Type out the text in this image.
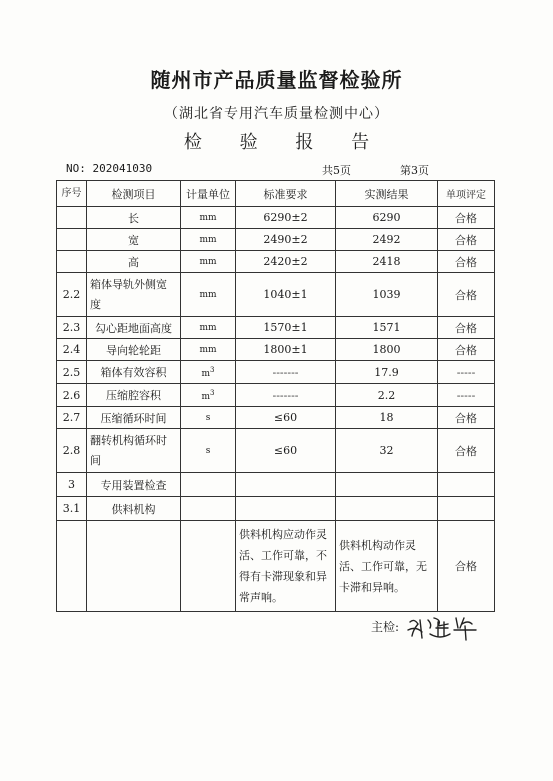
随州市产品质量监督检验所
（湖北省专用汽车质量检测中心）
检 验 报 告
NO: 202041030	共5页	第3页
序号	检测项目	计量单位	标准要求	实测结果	单项评定
	长	mm	6290±2	6290	合格
	宽	mm	2490±2	2492	合格
	高	mm	2420±2	2418	合格
2.2	箱体导轨外侧宽度	mm	1040±1	1039	合格
2.3	勾心距地面高度	mm	1570±1	1571	合格
2.4	导向轮轮距	mm	1800±1	1800	合格
2.5	箱体有效容积	$m^3$	-------	17.9	-----
2.6	压缩腔容积	$m^3$	-------	2.2	-----
2.7	压缩循环时间	s	≤60	18	合格
2.8	翻转机构循环时间	s	≤60	32	合格
3	专用装置检查				
3.1	供料机构				
			供料机构应动作灵活、工作可靠，不得有卡滞现象和异常声响。	供料机构动作灵活、工作可靠，无卡滞和异响。	合格
主检:
